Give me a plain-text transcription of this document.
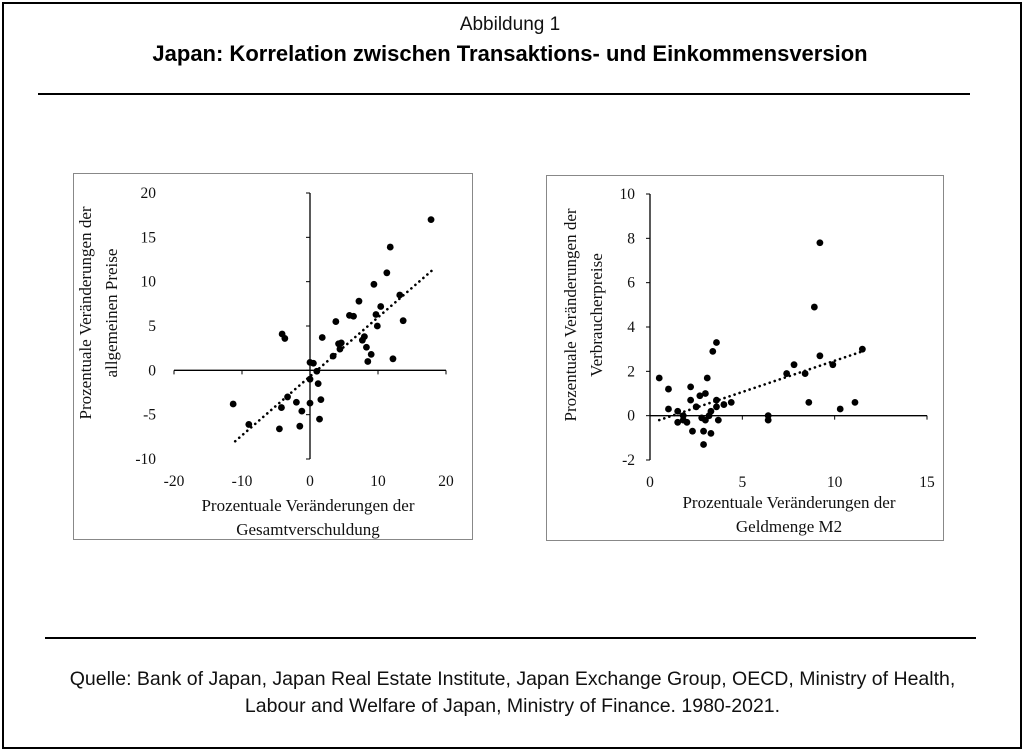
Abbildung 1
Japan: Korrelation zwischen Transaktions- und Einkommensversion
-20	-10	0	10	20
-10
-5
0
5
10
15
20
Prozentuale Veränderungen der allgemeinen Preise
Prozentuale Veränderungen der
Gesamtverschuldung
0	5	10	15
-2
0
2
4
6
8
10
Prozentuale Veränderungen der Verbraucherpreise
Prozentuale Veränderungen der
Geldmenge M2
Quelle: Bank of Japan, Japan Real Estate Institute, Japan Exchange Group, OECD, Ministry of Health, Labour and Welfare of Japan, Ministry of Finance. 1980-2021.
